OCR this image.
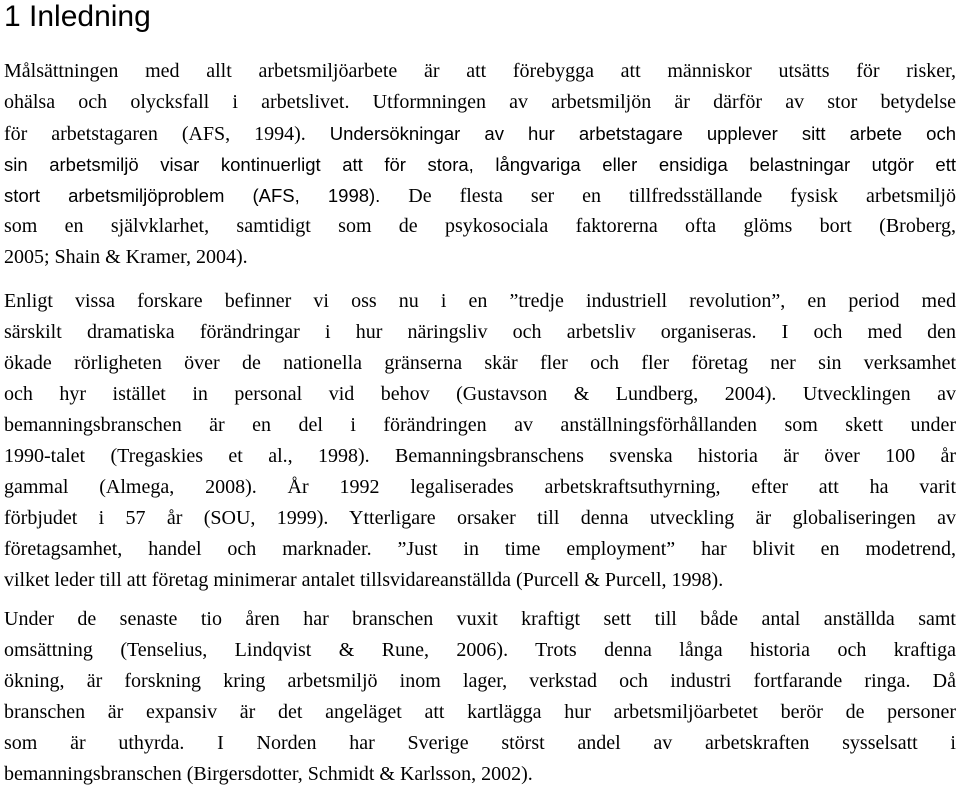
1 Inledning
Målsättningen med allt arbetsmiljöarbete är att förebygga att människor utsätts för risker,
ohälsa och olycksfall i arbetslivet. Utformningen av arbetsmiljön är därför av stor betydelse
för arbetstagaren (AFS, 1994). Undersökningar av hur arbetstagare upplever sitt arbete och
sin arbetsmiljö visar kontinuerligt att för stora, långvariga eller ensidiga belastningar utgör ett
stort arbetsmiljöproblem (AFS, 1998). De flesta ser en tillfredsställande fysisk arbetsmiljö
som en självklarhet, samtidigt som de psykosociala faktorerna ofta glöms bort (Broberg,
2005; Shain & Kramer, 2004).
Enligt vissa forskare befinner vi oss nu i en ”tredje industriell revolution”, en period med
särskilt dramatiska förändringar i hur näringsliv och arbetsliv organiseras. I och med den
ökade rörligheten över de nationella gränserna skär fler och fler företag ner sin verksamhet
och hyr istället in personal vid behov (Gustavson & Lundberg, 2004). Utvecklingen av
bemanningsbranschen är en del i förändringen av anställningsförhållanden som skett under
1990-talet (Tregaskies et al., 1998). Bemanningsbranschens svenska historia är över 100 år
gammal (Almega, 2008). År 1992 legaliserades arbetskraftsuthyrning, efter att ha varit
förbjudet i 57 år (SOU, 1999). Ytterligare orsaker till denna utveckling är globaliseringen av
företagsamhet, handel och marknader. ”Just in time employment” har blivit en modetrend,
vilket leder till att företag minimerar antalet tillsvidareanställda (Purcell & Purcell, 1998).
Under de senaste tio åren har branschen vuxit kraftigt sett till både antal anställda samt
omsättning (Tenselius, Lindqvist & Rune, 2006). Trots denna långa historia och kraftiga
ökning, är forskning kring arbetsmiljö inom lager, verkstad och industri fortfarande ringa. Då
branschen är expansiv är det angeläget att kartlägga hur arbetsmiljöarbetet berör de personer
som är uthyrda. I Norden har Sverige störst andel av arbetskraften sysselsatt i
bemanningsbranschen (Birgersdotter, Schmidt & Karlsson, 2002).
